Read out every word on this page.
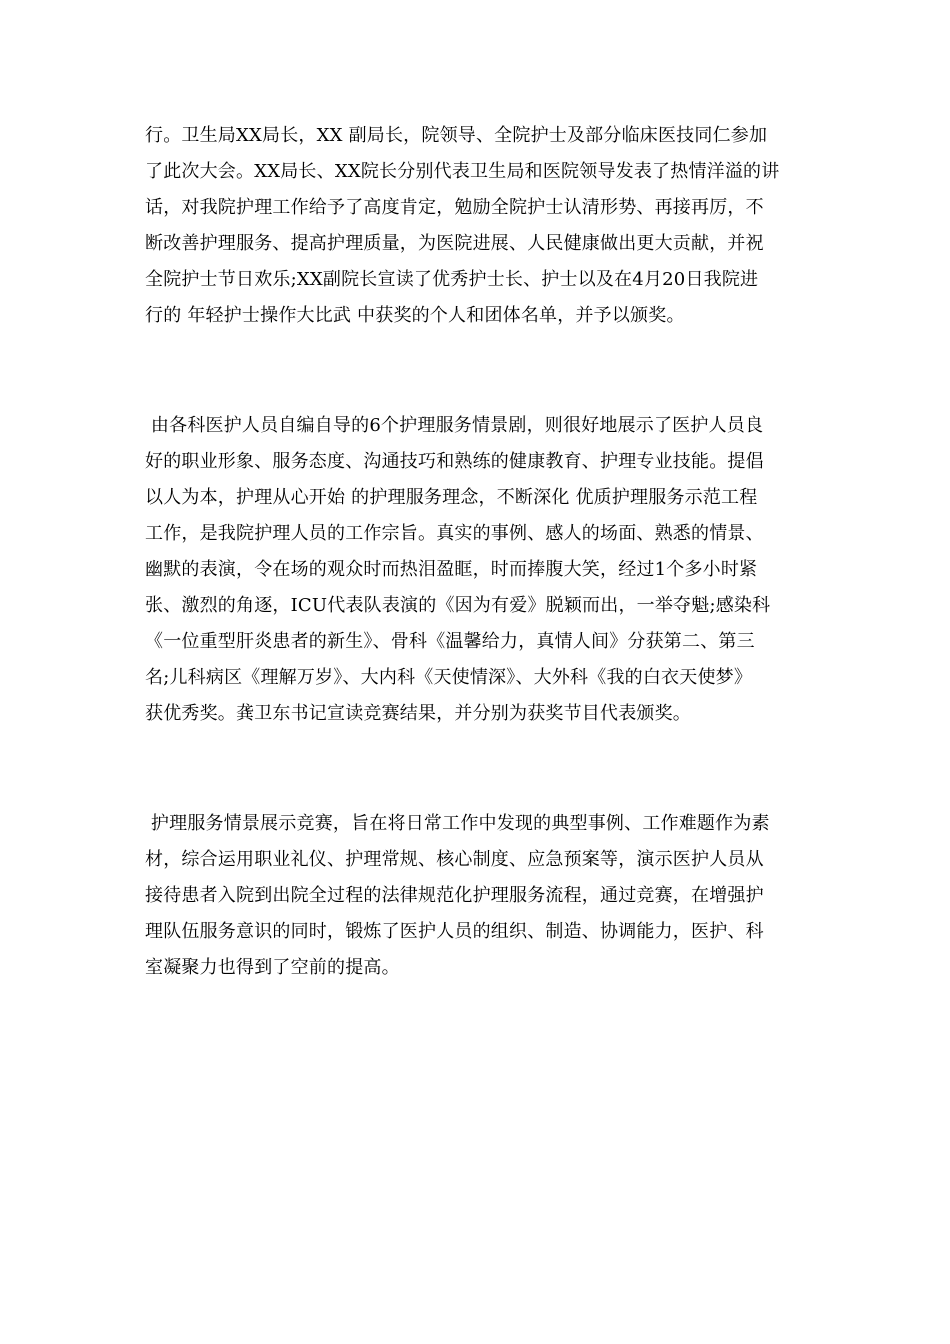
行。卫生局XX局长，XX 副局长，院领导、全院护士及部分临床医技同仁参加
了此次大会。XX局长、XX院长分别代表卫生局和医院领导发表了热情洋溢的讲
话，对我院护理工作给予了高度肯定，勉励全院护士认清形势、再接再厉，不
断改善护理服务、提高护理质量，为医院进展、人民健康做出更大贡献，并祝
全院护士节日欢乐;XX副院长宣读了优秀护士长、护士以及在4月20日我院进
行的 年轻护士操作大比武 中获奖的个人和团体名单，并予以颁奖。
由各科医护人员自编自导的6个护理服务情景剧，则很好地展示了医护人员良
好的职业形象、服务态度、沟通技巧和熟练的健康教育、护理专业技能。提倡
以人为本，护理从心开始 的护理服务理念，不断深化 优质护理服务示范工程
工作，是我院护理人员的工作宗旨。真实的事例、感人的场面、熟悉的情景、
幽默的表演，令在场的观众时而热泪盈眶，时而捧腹大笑，经过1个多小时紧
张、激烈的角逐，ICU代表队表演的《因为有爱》脱颖而出，一举夺魁;感染科
《一位重型肝炎患者的新生》、骨科《温馨给力，真情人间》分获第二、第三
名;儿科病区《理解万岁》、大内科《天使情深》、大外科《我的白衣天使梦》
获优秀奖。龚卫东书记宣读竞赛结果，并分别为获奖节目代表颁奖。
护理服务情景展示竞赛，旨在将日常工作中发现的典型事例、工作难题作为素
材，综合运用职业礼仪、护理常规、核心制度、应急预案等，演示医护人员从
接待患者入院到出院全过程的法律规范化护理服务流程，通过竞赛，在增强护
理队伍服务意识的同时，锻炼了医护人员的组织、制造、协调能力，医护、科
室凝聚力也得到了空前的提高。
